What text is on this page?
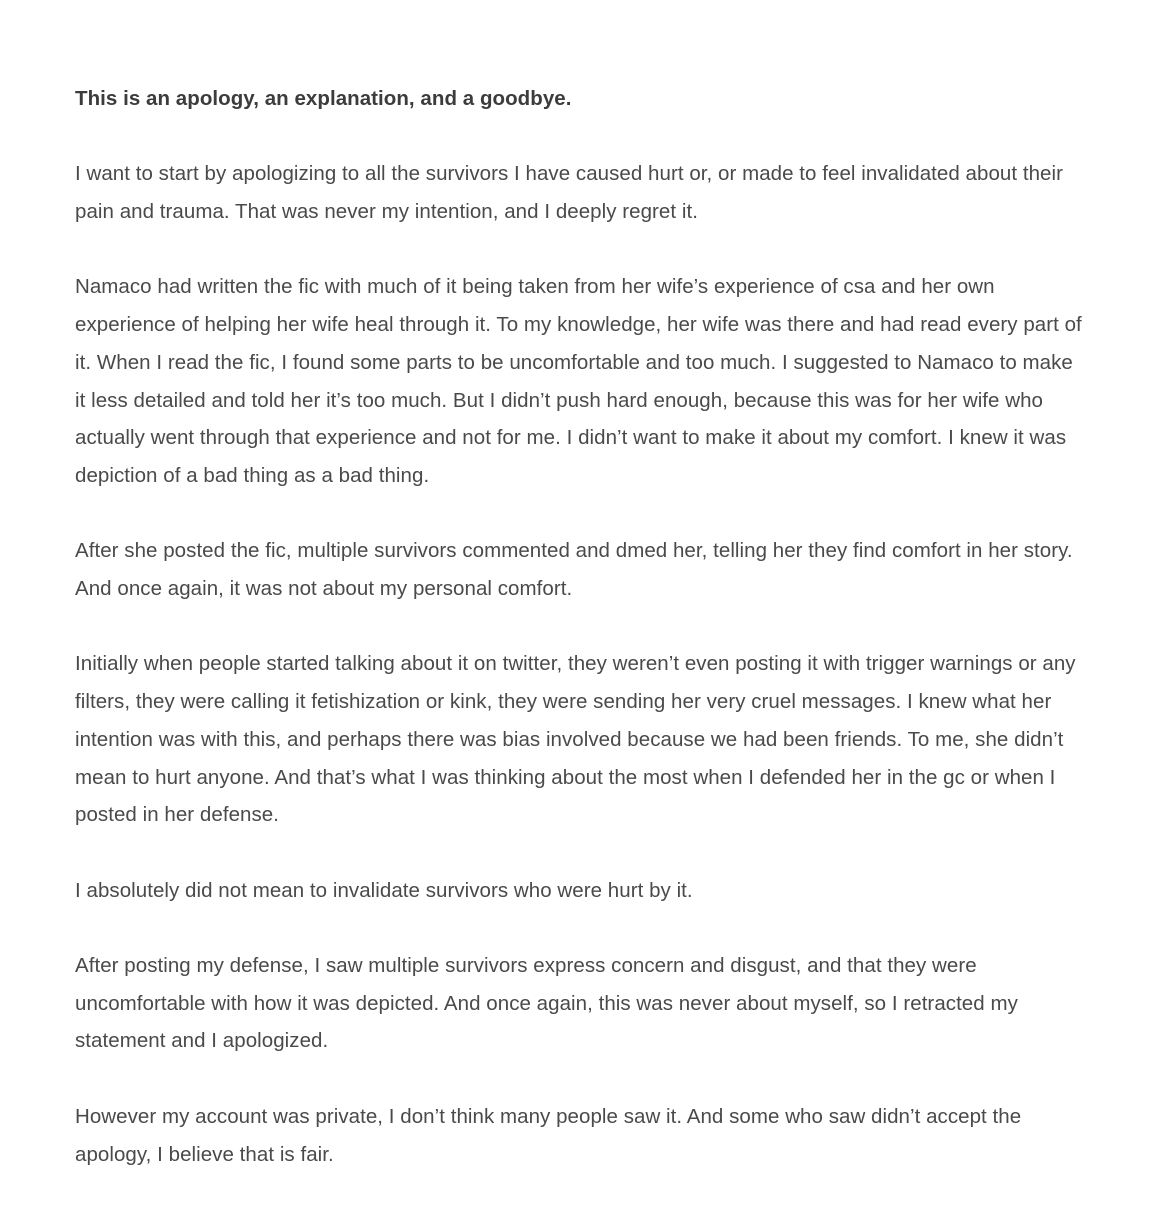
This is an apology, an explanation, and a goodbye.

I want to start by apologizing to all the survivors I have caused hurt or, or made to feel invalidated about their pain and trauma. That was never my intention, and I deeply regret it.

Namaco had written the fic with much of it being taken from her wife’s experience of csa and her own experience of helping her wife heal through it. To my knowledge, her wife was there and had read every part of it. When I read the fic, I found some parts to be uncomfortable and too much. I suggested to Namaco to make it less detailed and told her it’s too much. But I didn’t push hard enough, because this was for her wife who actually went through that experience and not for me. I didn’t want to make it about my comfort. I knew it was depiction of a bad thing as a bad thing.

After she posted the fic, multiple survivors commented and dmed her, telling her they find comfort in her story. And once again, it was not about my personal comfort.

Initially when people started talking about it on twitter, they weren’t even posting it with trigger warnings or any filters, they were calling it fetishization or kink, they were sending her very cruel messages. I knew what her intention was with this, and perhaps there was bias involved because we had been friends. To me, she didn’t mean to hurt anyone. And that’s what I was thinking about the most when I defended her in the gc or when I posted in her defense.

I absolutely did not mean to invalidate survivors who were hurt by it.

After posting my defense, I saw multiple survivors express concern and disgust, and that they were uncomfortable with how it was depicted. And once again, this was never about myself, so I retracted my statement and I apologized.

However my account was private, I don’t think many people saw it. And some who saw didn’t accept the apology, I believe that is fair.
